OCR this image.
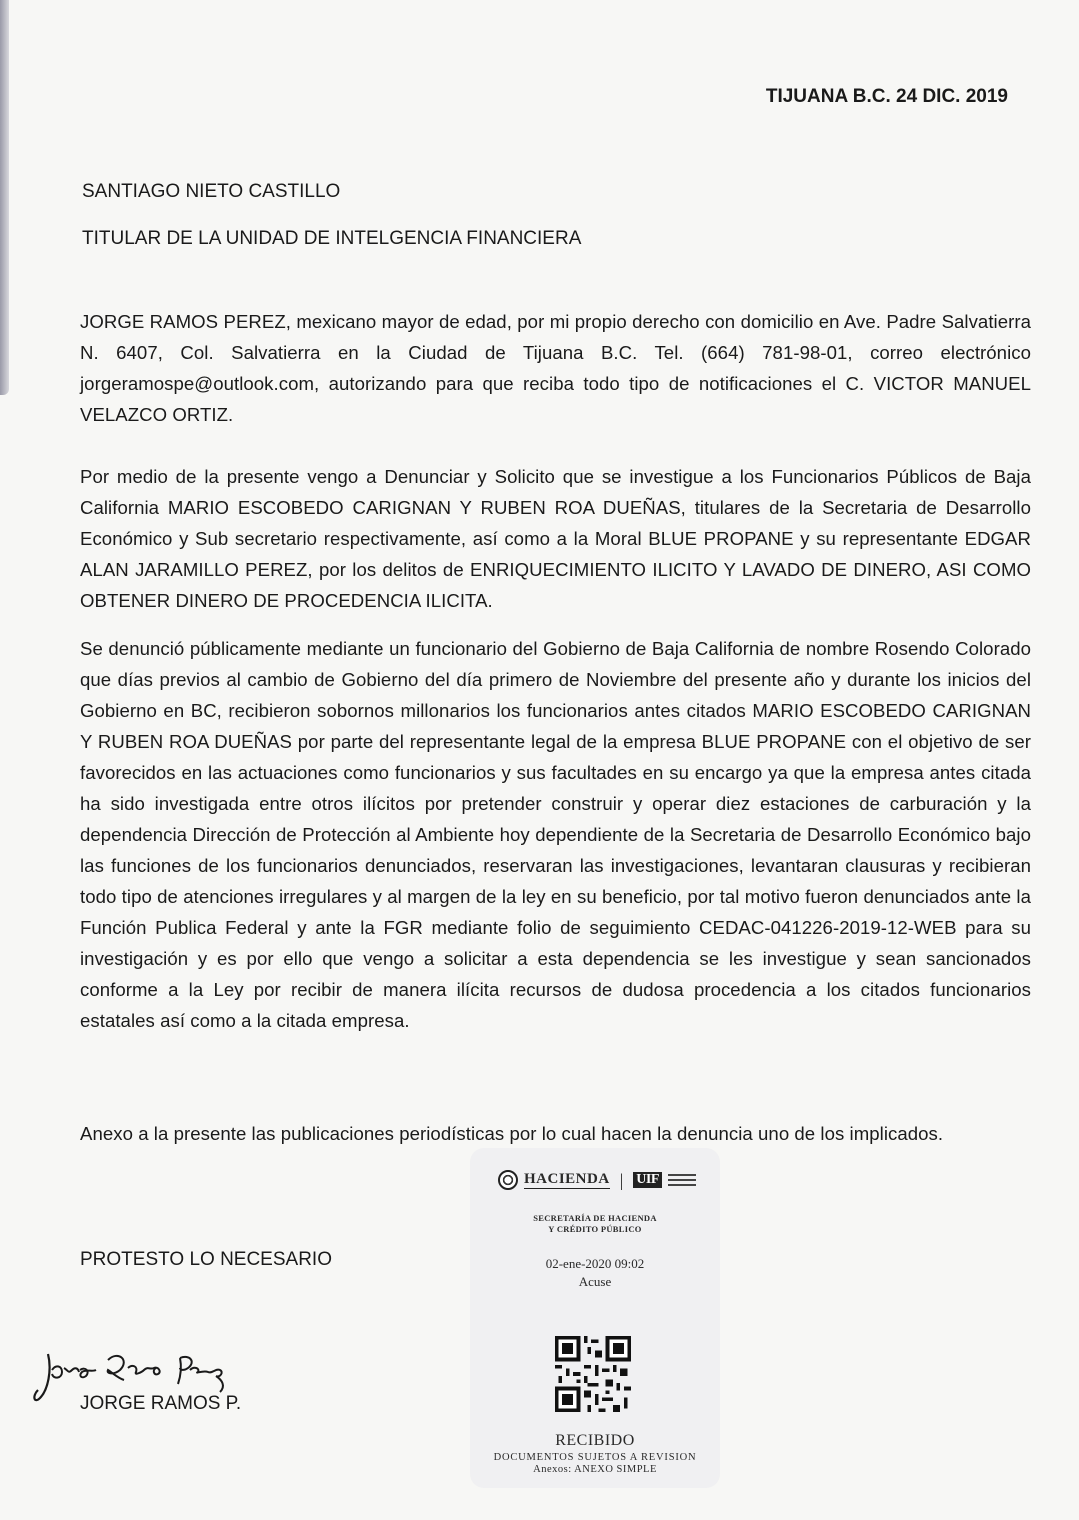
TIJUANA B.C. 24 DIC. 2019
SANTIAGO NIETO CASTILLO
TITULAR DE LA UNIDAD DE INTELGENCIA FINANCIERA

JORGE RAMOS PEREZ, mexicano mayor de edad, por mi propio derecho con domicilio en Ave. Padre Salvatierra N. 6407, Col. Salvatierra en la Ciudad de Tijuana B.C. Tel. (664) 781-98-01, correo electrónico jorgeramospe@outlook.com, autorizando para que reciba todo tipo de notificaciones el C. VICTOR MANUEL VELAZCO ORTIZ.

Por medio de la presente vengo a Denunciar y Solicito que se investigue a los Funcionarios Públicos de Baja California MARIO ESCOBEDO CARIGNAN Y RUBEN ROA DUEÑAS, titulares de la Secretaria de Desarrollo Económico y Sub secretario respectivamente, así como a la Moral BLUE PROPANE y su representante EDGAR ALAN JARAMILLO PEREZ, por los delitos de ENRIQUECIMIENTO ILICITO Y LAVADO DE DINERO, ASI COMO OBTENER DINERO DE PROCEDENCIA ILICITA.

Se denunció públicamente mediante un funcionario del Gobierno de Baja California de nombre Rosendo Colorado que días previos al cambio de Gobierno del día primero de Noviembre del presente año y durante los inicios del Gobierno en BC, recibieron sobornos millonarios los funcionarios antes citados MARIO ESCOBEDO CARIGNAN Y RUBEN ROA DUEÑAS por parte del representante legal de la empresa BLUE PROPANE con el objetivo de ser favorecidos en las actuaciones como funcionarios y sus facultades en su encargo ya que la empresa antes citada ha sido investigada entre otros ilícitos por pretender construir y operar diez estaciones de carburación y la dependencia Dirección de Protección al Ambiente hoy dependiente de la Secretaria de Desarrollo Económico bajo las funciones de los funcionarios denunciados, reservaran las investigaciones, levantaran clausuras y recibieran todo tipo de atenciones irregulares y al margen de la ley en su beneficio, por tal motivo fueron denunciados ante la Función Publica Federal y ante la FGR mediante folio de seguimiento CEDAC-041226-2019-12-WEB para su investigación y es por ello que vengo a solicitar a esta dependencia se les investigue y sean sancionados conforme a la Ley por recibir de manera ilícita recursos de dudosa procedencia a los citados funcionarios estatales así como a la citada empresa.

Anexo a la presente las publicaciones periodísticas por lo cual hacen la denuncia uno de los implicados.

PROTESTO LO NECESARIO
JORGE RAMOS P.
HACIENDA | UIF
SECRETARÍA DE HACIENDA
Y CRÉDITO PÚBLICO
02-ene-2020 09:02
Acuse
RECIBIDO
DOCUMENTOS SUJETOS A REVISION
Anexos: ANEXO SIMPLE
